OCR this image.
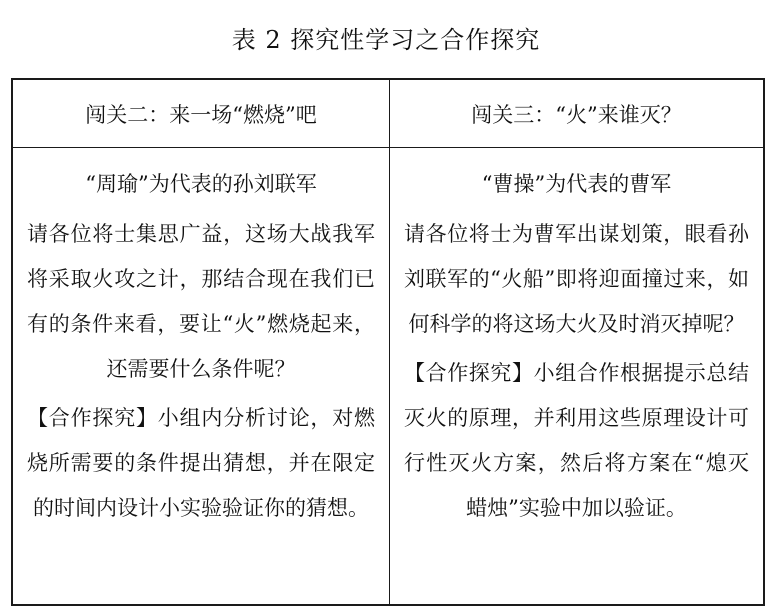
表 2 探究性学习之合作探究
闯关二：来一场“燃烧”吧	闯关三：“火”来谁灭？
“周瑜”为代表的孙刘联军
请各位将士集思广益，这场大战我军将采取火攻之计，那结合现在我们已有的条件来看，要让“火”燃烧起来，还需要什么条件呢？
【合作探究】小组内分析讨论，对燃烧所需要的条件提出猜想，并在限定的时间内设计小实验验证你的猜想。
“曹操”为代表的曹军
请各位将士为曹军出谋划策，眼看孙刘联军的“火船”即将迎面撞过来，如何科学的将这场大火及时消灭掉呢？
【合作探究】小组合作根据提示总结灭火的原理，并利用这些原理设计可行性灭火方案，然后将方案在“熄灭蜡烛”实验中加以验证。
